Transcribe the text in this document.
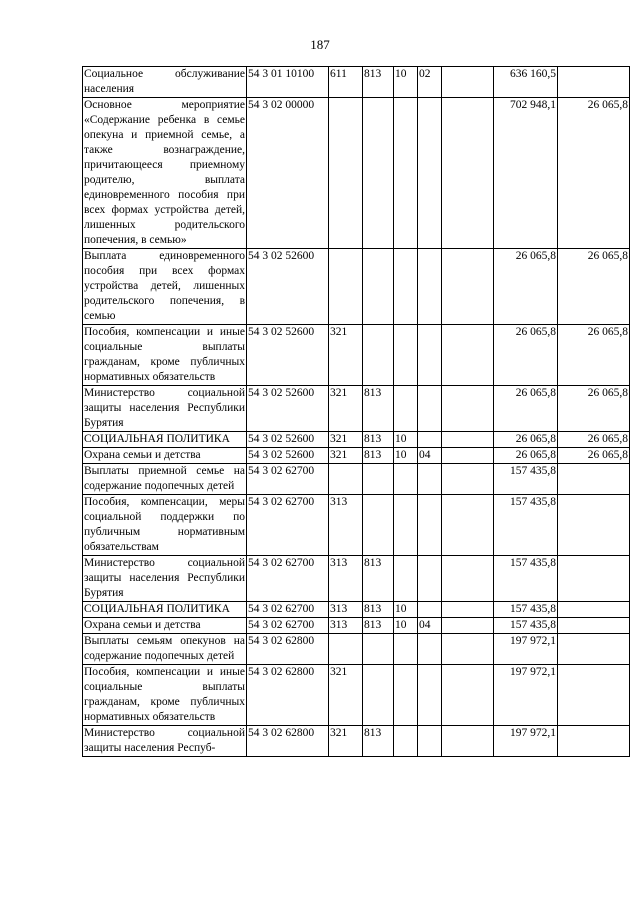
187
Социальное обслуживание населения	54 3 01 10100	611	813	10	02		636 160,5	
Основное мероприятие «Содержание ребенка в семье опекуна и приемной семье, а также вознаграждение, причитающееся приемному родителю, выплата единовременного пособия при всех формах устройства детей, лишенных родительского попечения, в семью»	54 3 02 00000						702 948,1	26 065,8
Выплата единовременного пособия при всех формах устройства детей, лишенных родительского попечения, в семью	54 3 02 52600						26 065,8	26 065,8
Пособия, компенсации и иные социальные выплаты гражданам, кроме публичных нормативных обязательств	54 3 02 52600	321					26 065,8	26 065,8
Министерство социальной защиты населения Республики Бурятия	54 3 02 52600	321	813				26 065,8	26 065,8
СОЦИАЛЬНАЯ ПОЛИТИКА	54 3 02 52600	321	813	10			26 065,8	26 065,8
Охрана семьи и детства	54 3 02 52600	321	813	10	04		26 065,8	26 065,8
Выплаты приемной семье на содержание подопечных детей	54 3 02 62700						157 435,8	
Пособия, компенсации, меры социальной поддержки по публичным нормативным обязательствам	54 3 02 62700	313					157 435,8	
Министерство социальной защиты населения Республики Бурятия	54 3 02 62700	313	813				157 435,8	
СОЦИАЛЬНАЯ ПОЛИТИКА	54 3 02 62700	313	813	10			157 435,8	
Охрана семьи и детства	54 3 02 62700	313	813	10	04		157 435,8	
Выплаты семьям опекунов на содержание подопечных детей	54 3 02 62800						197 972,1	
Пособия, компенсации и иные социальные выплаты гражданам, кроме публичных нормативных обязательств	54 3 02 62800	321					197 972,1	
Министерство социальной защиты населения Респуб-	54 3 02 62800	321	813				197 972,1	
